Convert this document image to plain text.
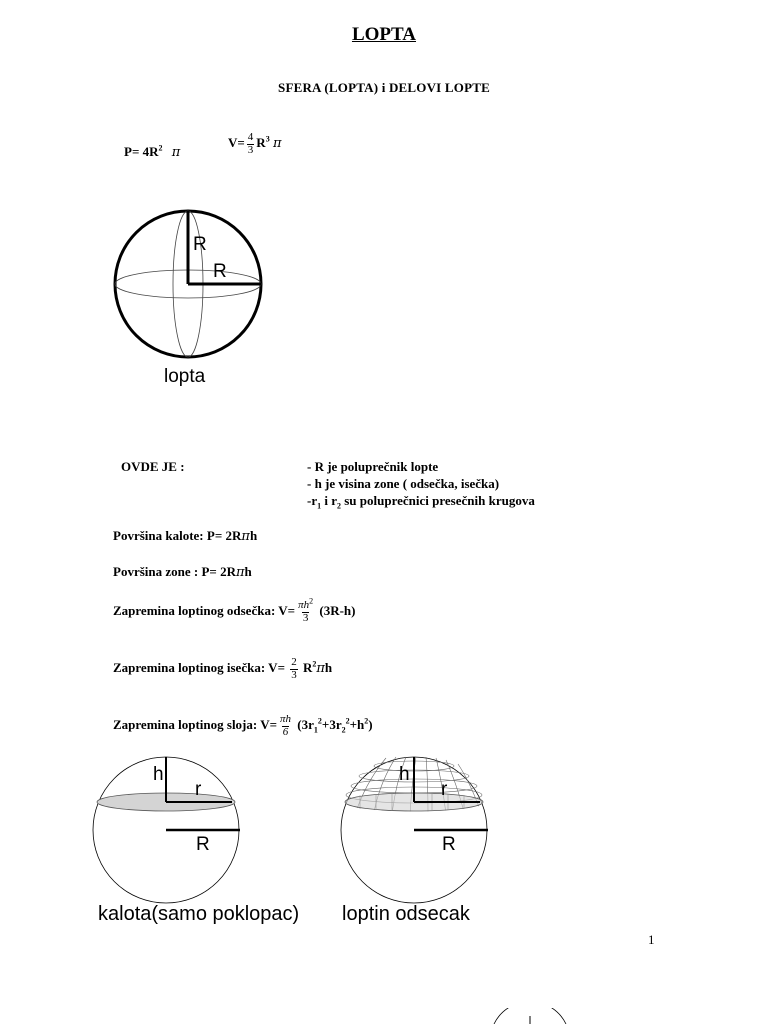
LOPTA
SFERA (LOPTA) i DELOVI LOPTE
$P= 4R^2$ π
$V= \frac{4}{3} R^3$ π
R
R
lopta
OVDE JE :	- R je poluprečnik lopte
- h je visina zone ( odsečka, isečka)
$-r_1$ i $r_2$ su poluprečnici presečnih krugova
Površina kalote: P= 2Rπh
Površina zone : P= 2Rπh
Zapremina loptinog odsečka: $V= \frac{\pi h^2}{3} (3R-h)$
Zapremina loptinog isečka: $V= \frac{2}{3} R^2\pi h$
Zapremina loptinog sloja: $V= \frac{\pi h}{6} (3r_1^2+3r_2^2+h^2)$
h
r
R
kalota(samo poklopac)
h
r
R
loptin odsecak
1
